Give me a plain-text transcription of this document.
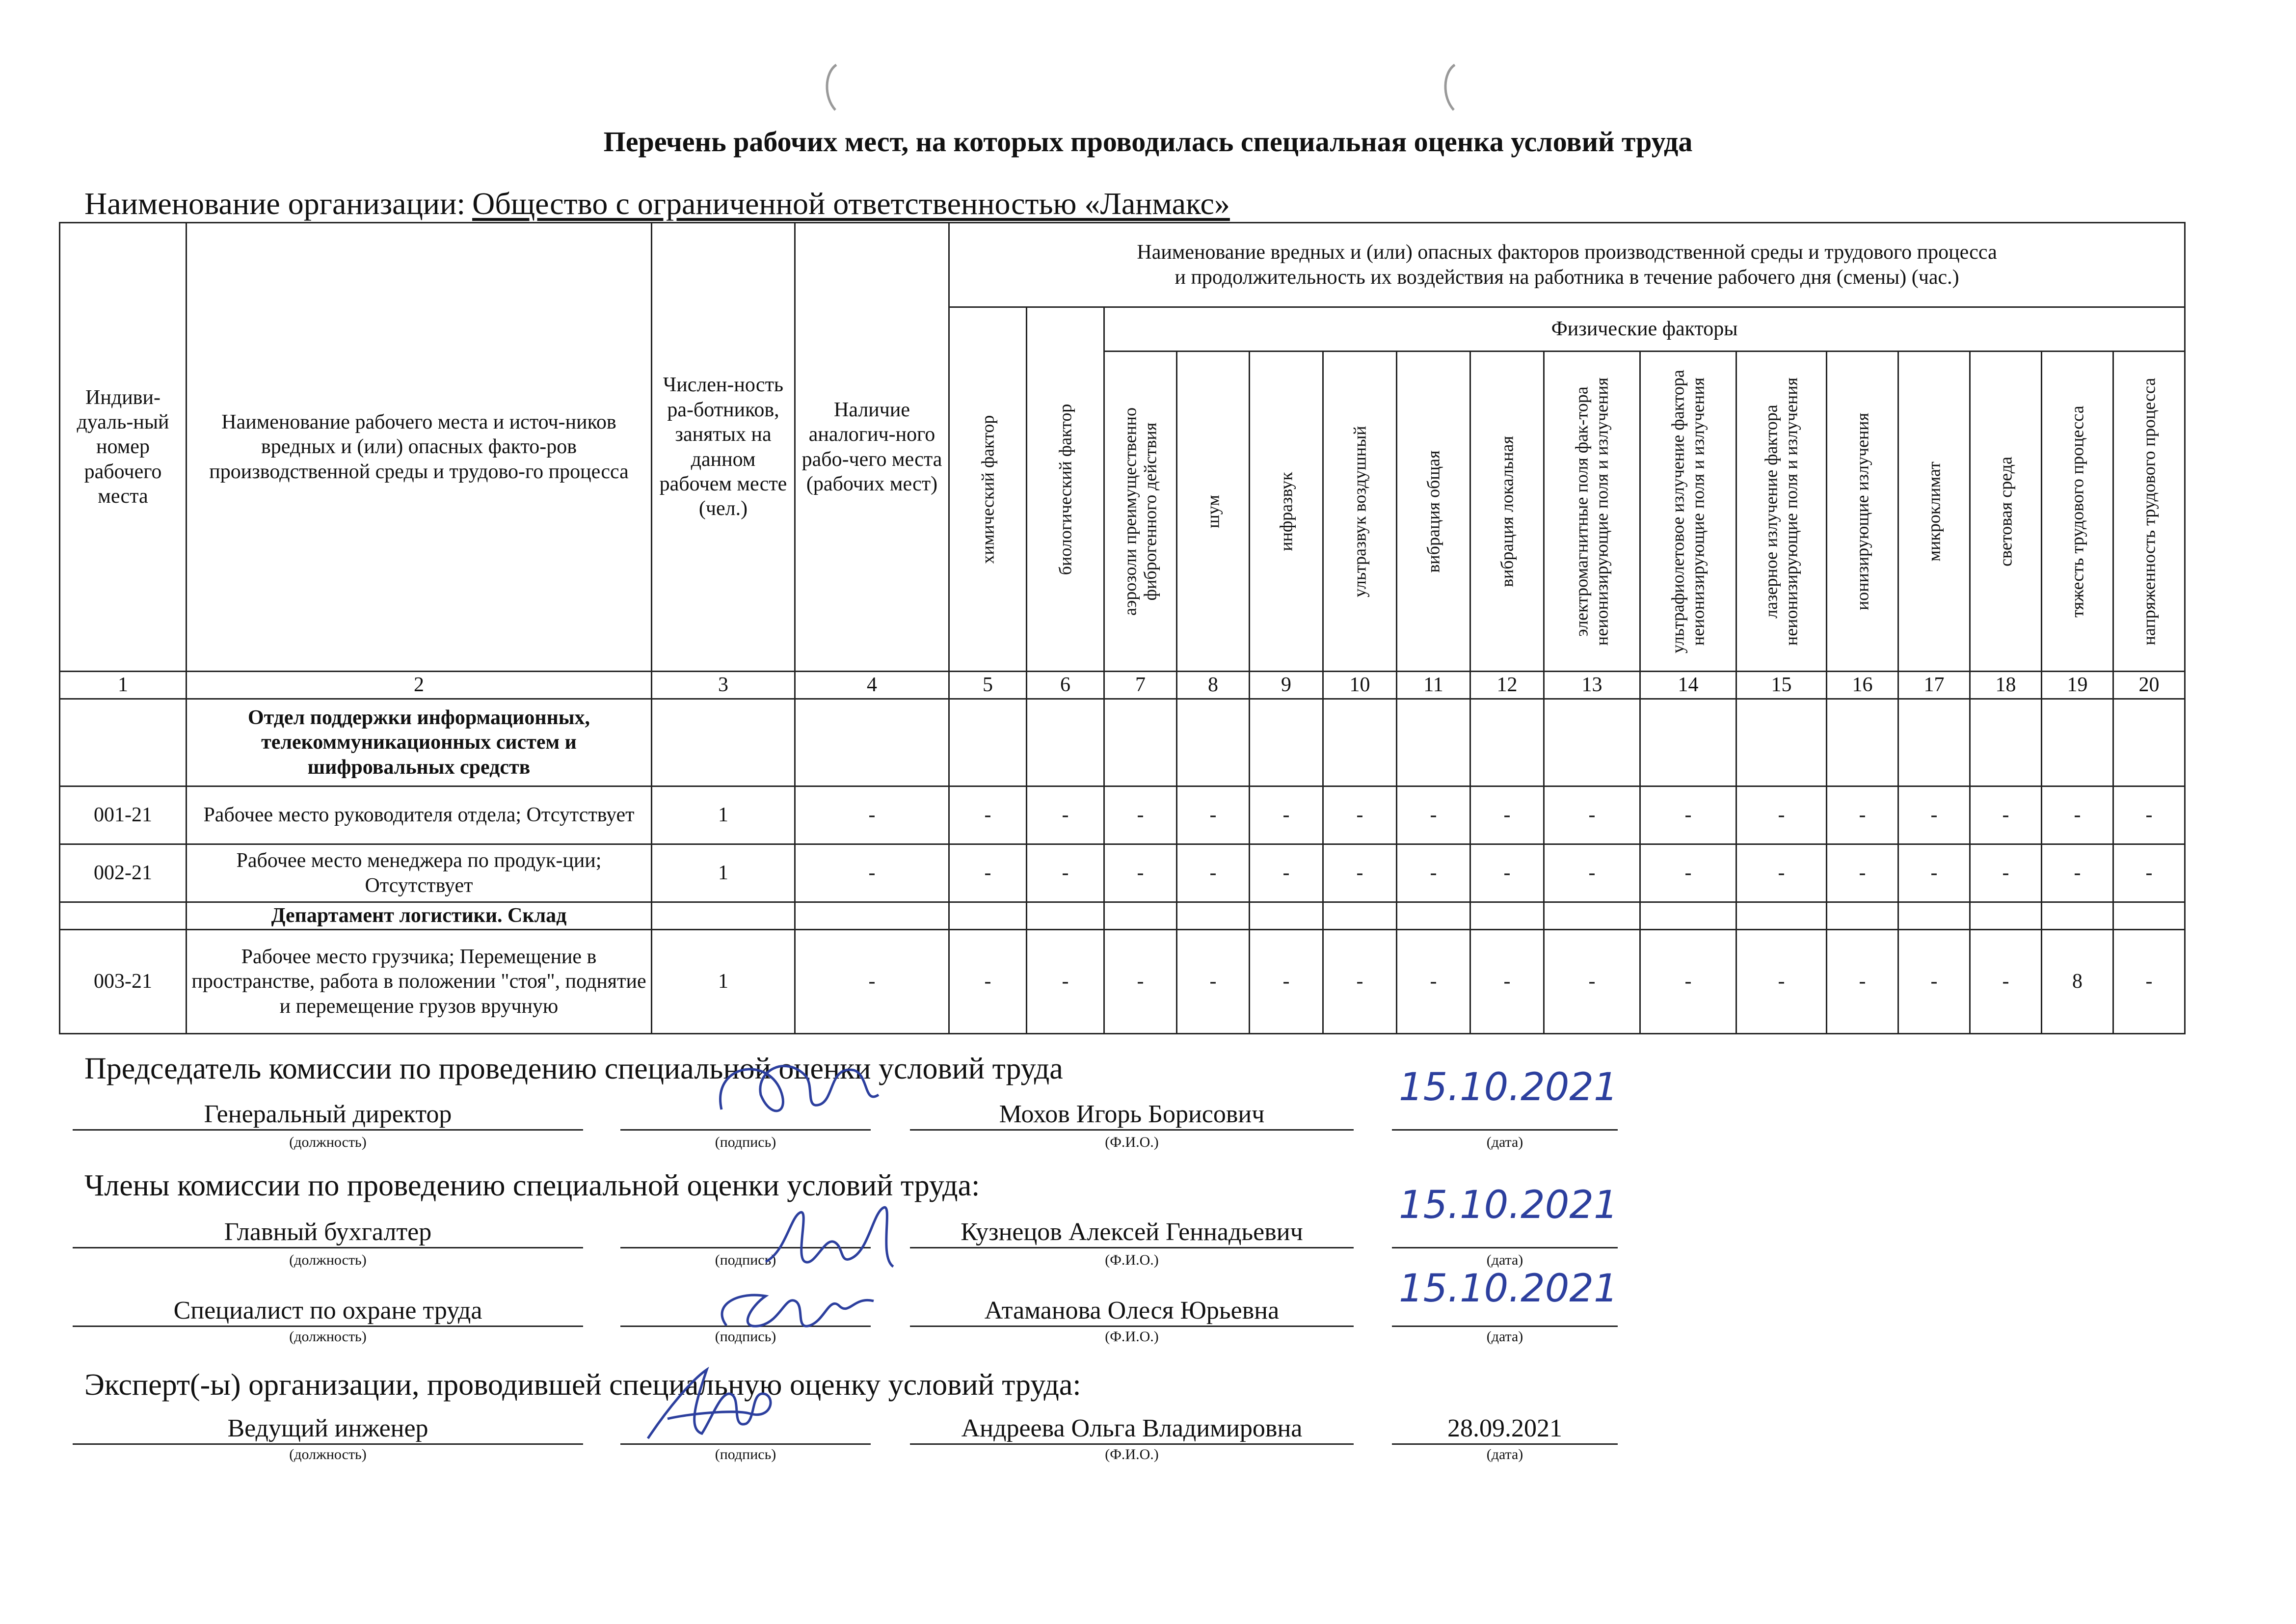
Перечень рабочих мест, на которых проводилась специальная оценка условий труда
Наименование организации: Общество с ограниченной ответственностью «Ланмакс»
Индиви-дуаль-ный номер рабочего места	Наименование рабочего места и источ-ников вредных и (или) опасных факто-ров производственной среды и трудово-го процесса	Числен-ность ра-ботников, занятых на данном рабочем месте (чел.)	Наличие аналогич-ного рабо-чего места (рабочих мест)	Наименование вредных и (или) опасных факторов производственной среды и трудового процесса
и продолжительность их воздействия на работника в течение рабочего дня (смены) (час.)															

				химический фактор	биологический фактор	Физические факторы													

						аэрозоли преимущественно фиброгенного действия	шум	инфразвук	ультразвук воздушный	вибрация общая	вибрация локальная	электромагнитные поля фак-тора неионизирующие поля и излучения	ультрафиолетовое излучение фактора неионизирующие поля и излучения	лазерное излучение фактора неионизирующие поля и излучения	ионизирующие излучения	микроклимат	световая среда	тяжесть трудового процесса	напряженность трудового процесса

1	2	3	4	5	6	7	8	9	10	11	12	13	14	15	16	17	18	19	20
	Отдел поддержки информационных, телекоммуникационных систем и шифровальных средств																		
001-21	Рабочее место руководителя отдела; Отсутствует	1	-	-	-	-	-	-	-	-	-	-	-	-	-	-	-	-	-
002-21	Рабочее место менеджера по продук-ции; Отсутствует	1	-	-	-	-	-	-	-	-	-	-	-	-	-	-	-	-	-
	Департамент логистики. Склад																		
003-21	Рабочее место грузчика; Перемещение в пространстве, работа в положении "стоя", поднятие и перемещение грузов вручную	1	-	-	-	-	-	-	-	-	-	-	-	-	-	-	-	8	-
Председатель комиссии по проведению специальной оценки условий труда
Генеральный директор	Мохов Игорь Борисович
(должность)	(подпись)	(Ф.И.О.)	(дата)
15.10.2021
Члены комиссии по проведению специальной оценки условий труда:
Главный бухгалтер	Кузнецов Алексей Геннадьевич
(должность)	(подпись)	(Ф.И.О.)	(дата)
15.10.2021
Специалист по охране труда	Атаманова Олеся Юрьевна
(должность)	(подпись)	(Ф.И.О.)	(дата)
15.10.2021
Эксперт(-ы) организации, проводившей специальную оценку условий труда:
Ведущий инженер	Андреева Ольга Владимировна	28.09.2021
(должность)	(подпись)	(Ф.И.О.)	(дата)
